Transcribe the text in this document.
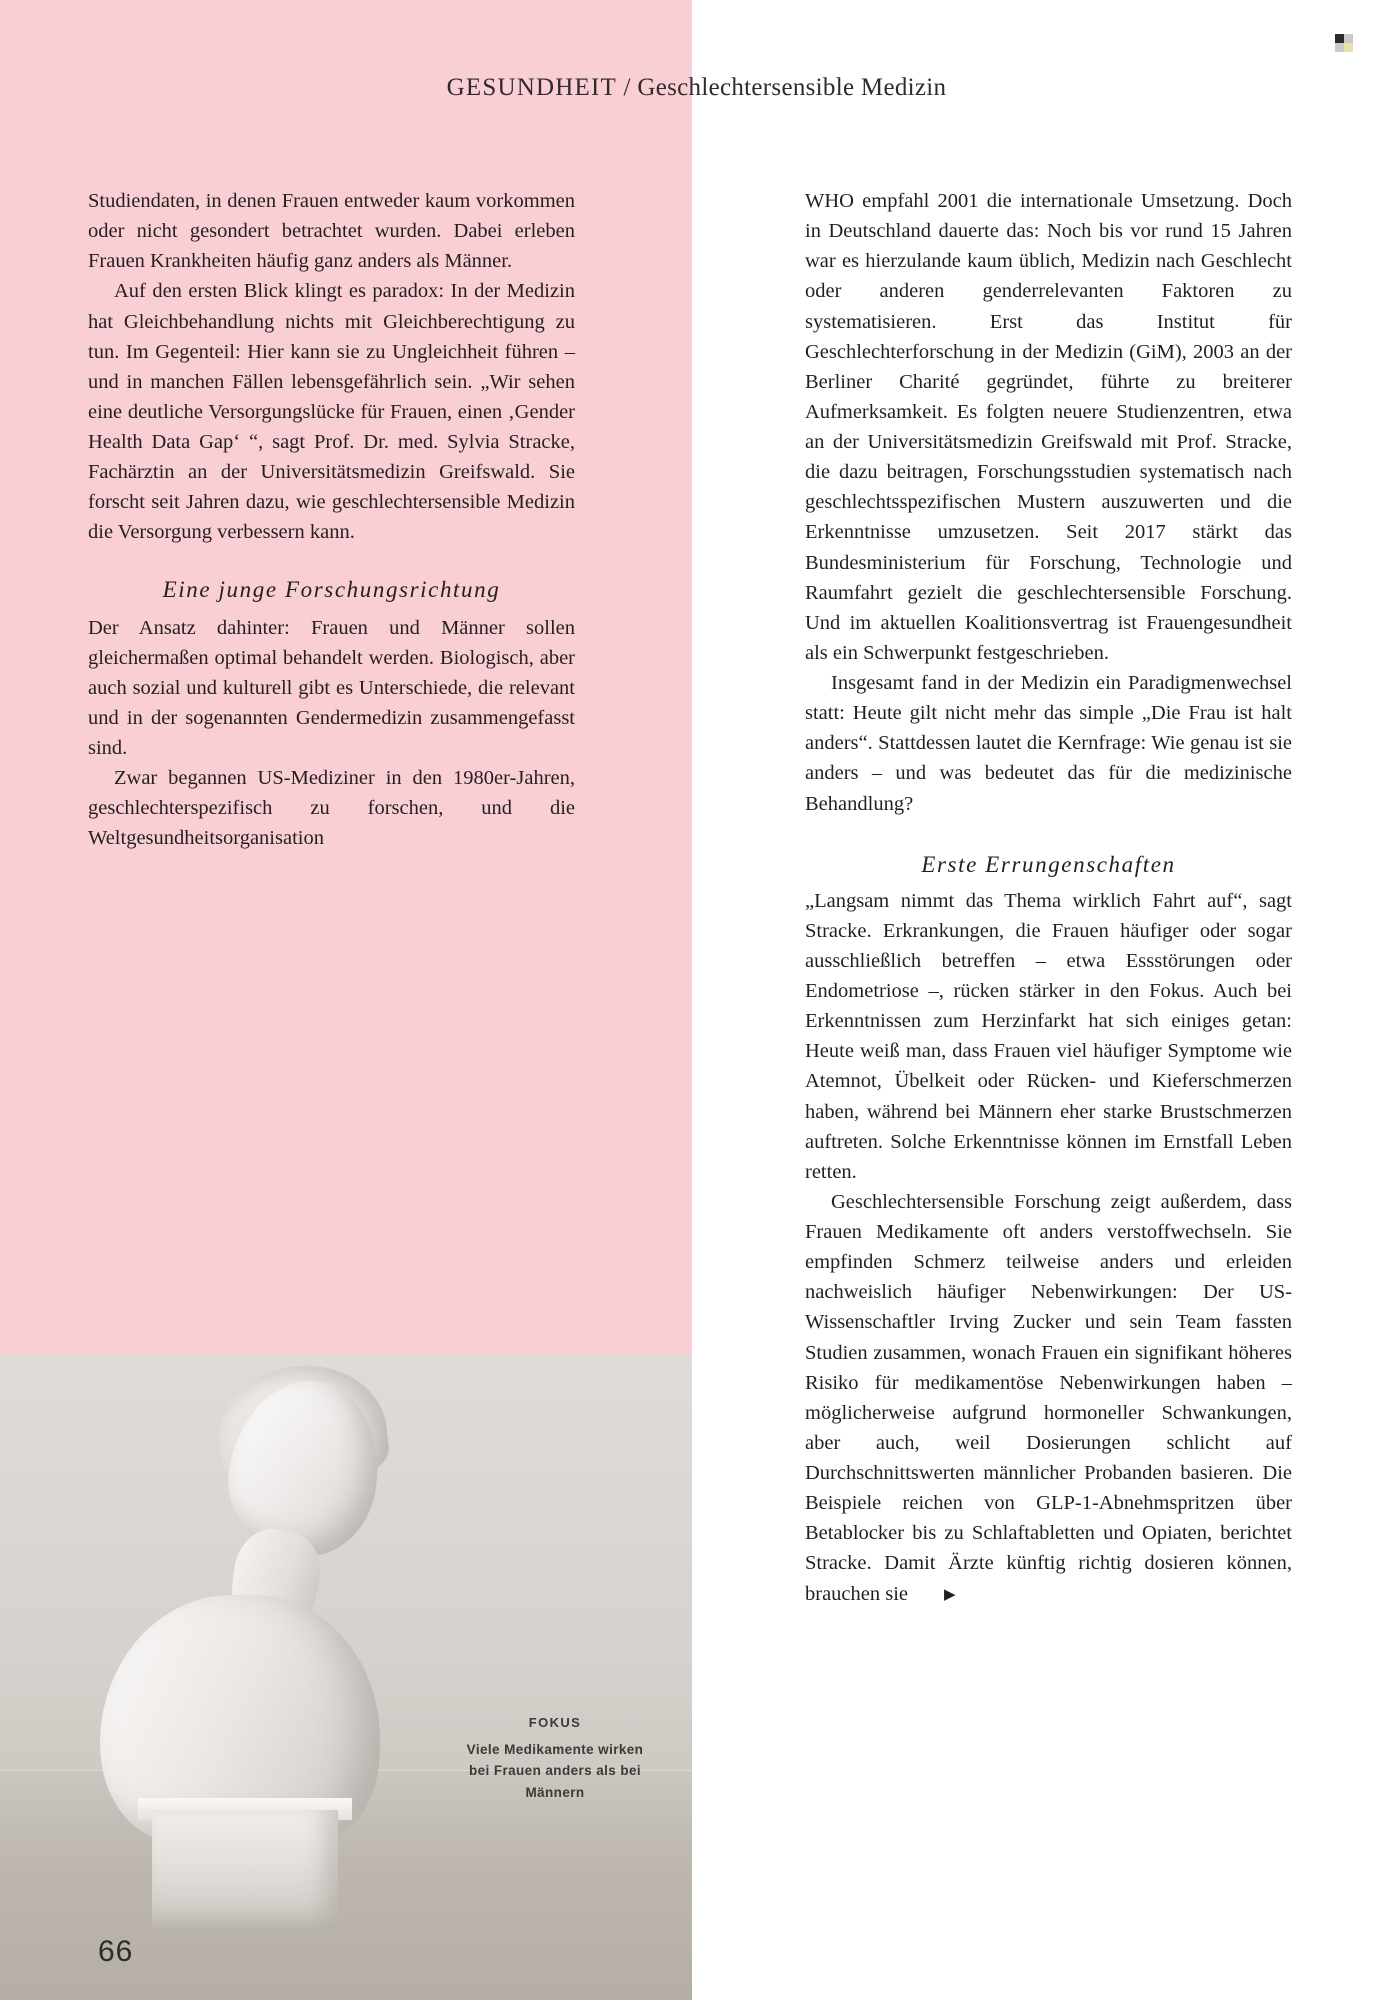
FOKUS
Viele Medikamente wirken bei Frauen anders als bei Männern
66
GESUNDHEIT / Geschlechtersensible Medizin

Studiendaten, in denen Frauen entweder kaum vorkommen oder nicht gesondert betrachtet wurden. Dabei erleben Frauen Krankheiten häufig ganz anders als Männer.

Auf den ersten Blick klingt es paradox: In der Medizin hat Gleichbehandlung nichts mit Gleichberechtigung zu tun. Im Gegenteil: Hier kann sie zu Ungleichheit führen – und in manchen Fällen lebensgefährlich sein. „Wir sehen eine deutliche Versorgungslücke für Frauen, einen ‚Gender Health Data Gap‘ “, sagt Prof. Dr. med. Sylvia Stracke, Fachärztin an der Universitätsmedizin Greifswald. Sie forscht seit Jahren dazu, wie geschlechtersensible Medizin die Versorgung verbessern kann.

Eine junge Forschungsrichtung

Der Ansatz dahinter: Frauen und Männer sollen gleichermaßen optimal behandelt werden. Biologisch, aber auch sozial und kulturell gibt es Unterschiede, die relevant und in der sogenannten Gendermedizin zusammengefasst sind.

Zwar begannen US-Mediziner in den 1980er-Jahren, geschlechterspezifisch zu forschen, und die Weltgesundheitsorganisation

WHO empfahl 2001 die internationale Umsetzung. Doch in Deutschland dauerte das: Noch bis vor rund 15 Jahren war es hierzulande kaum üblich, Medizin nach Geschlecht oder anderen genderrelevanten Faktoren zu systematisieren. Erst das Institut für Geschlechterforschung in der Medizin (GiM), 2003 an der Berliner Charité gegründet, führte zu breiterer Aufmerksamkeit. Es folgten neuere Studienzentren, etwa an der Universitätsmedizin Greifswald mit Prof. Stracke, die dazu beitragen, Forschungsstudien systematisch nach geschlechtsspezifischen Mustern auszuwerten und die Erkenntnisse umzusetzen. Seit 2017 stärkt das Bundesministerium für Forschung, Technologie und Raumfahrt gezielt die geschlechtersensible Forschung. Und im aktuellen Koalitionsvertrag ist Frauengesundheit als ein Schwerpunkt festgeschrieben.

Insgesamt fand in der Medizin ein Paradigmenwechsel statt: Heute gilt nicht mehr das simple „Die Frau ist halt anders“. Stattdessen lautet die Kernfrage: Wie genau ist sie anders – und was bedeutet das für die medizinische Behandlung?

Erste Errungenschaften

„Langsam nimmt das Thema wirklich Fahrt auf“, sagt Stracke. Erkrankungen, die Frauen häufiger oder sogar ausschließlich betreffen – etwa Essstörungen oder Endometriose –, rücken stärker in den Fokus. Auch bei Erkenntnissen zum Herzinfarkt hat sich einiges getan: Heute weiß man, dass Frauen viel häufiger Symptome wie Atemnot, Übelkeit oder Rücken- und Kieferschmerzen haben, während bei Männern eher starke Brustschmerzen auftreten. Solche Erkenntnisse können im Ernstfall Leben retten.

Geschlechtersensible Forschung zeigt außerdem, dass Frauen Medikamente oft anders verstoffwechseln. Sie empfinden Schmerz teilweise anders und erleiden nachweislich häufiger Nebenwirkungen: Der US-Wissenschaftler Irving Zucker und sein Team fassten Studien zusammen, wonach Frauen ein signifikant höheres Risiko für medikamentöse Nebenwirkungen haben – möglicherweise aufgrund hormoneller Schwankungen, aber auch, weil Dosierungen schlicht auf Durchschnittswerten männlicher Probanden basieren. Die Beispiele reichen von GLP-1-Abnehmspritzen über Betablocker bis zu Schlaftabletten und Opiaten, berichtet Stracke. Damit Ärzte künftig richtig dosieren können, brauchen sie ▶
